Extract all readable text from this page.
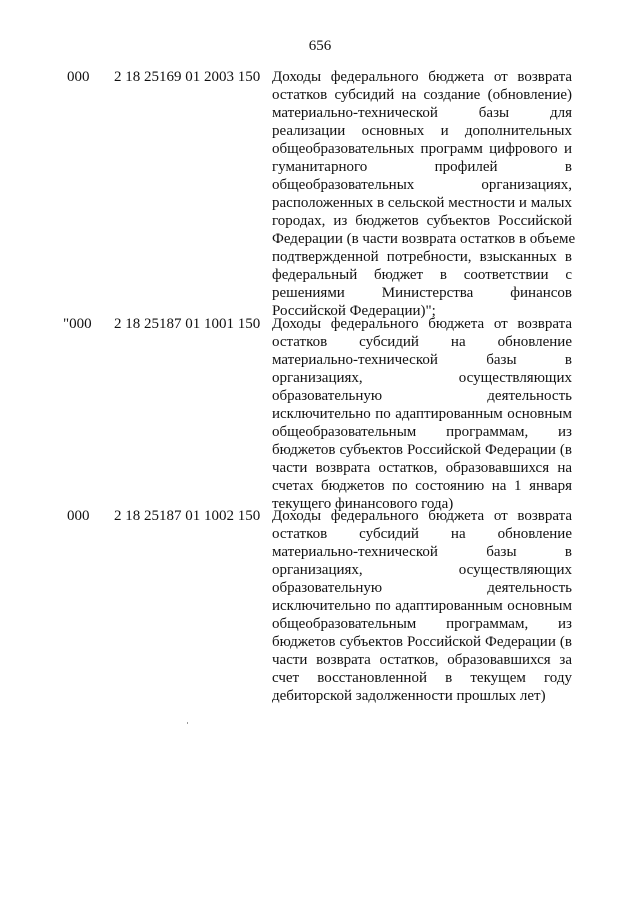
656
000 2 18 25169 01 2003 150 Доходы федерального бюджета от возврата
остатков субсидий на создание (обновление)
материально-технической базы для
реализации основных и дополнительных
общеобразовательных программ цифрового и
гуманитарного профилей в
общеобразовательных организациях,
расположенных в сельской местности и малых
городах, из бюджетов субъектов Российской
Федерации (в части возврата остатков в объеме
подтвержденной потребности, взысканных в
федеральный бюджет в соответствии с
решениями Министерства финансов
Российской Федерации)";
"000 2 18 25187 01 1001 150 Доходы федерального бюджета от возврата
остатков субсидий на обновление
материально-технической базы в
организациях, осуществляющих
образовательную деятельность
исключительно по адаптированным основным
общеобразовательным программам, из
бюджетов субъектов Российской Федерации (в
части возврата остатков, образовавшихся на
счетах бюджетов по состоянию на 1 января
текущего финансового года)
000 2 18 25187 01 1002 150 Доходы федерального бюджета от возврата
остатков субсидий на обновление
материально-технической базы в
организациях, осуществляющих
образовательную деятельность
исключительно по адаптированным основным
общеобразовательным программам, из
бюджетов субъектов Российской Федерации (в
части возврата остатков, образовавшихся за
счет восстановленной в текущем году
дебиторской задолженности прошлых лет)
